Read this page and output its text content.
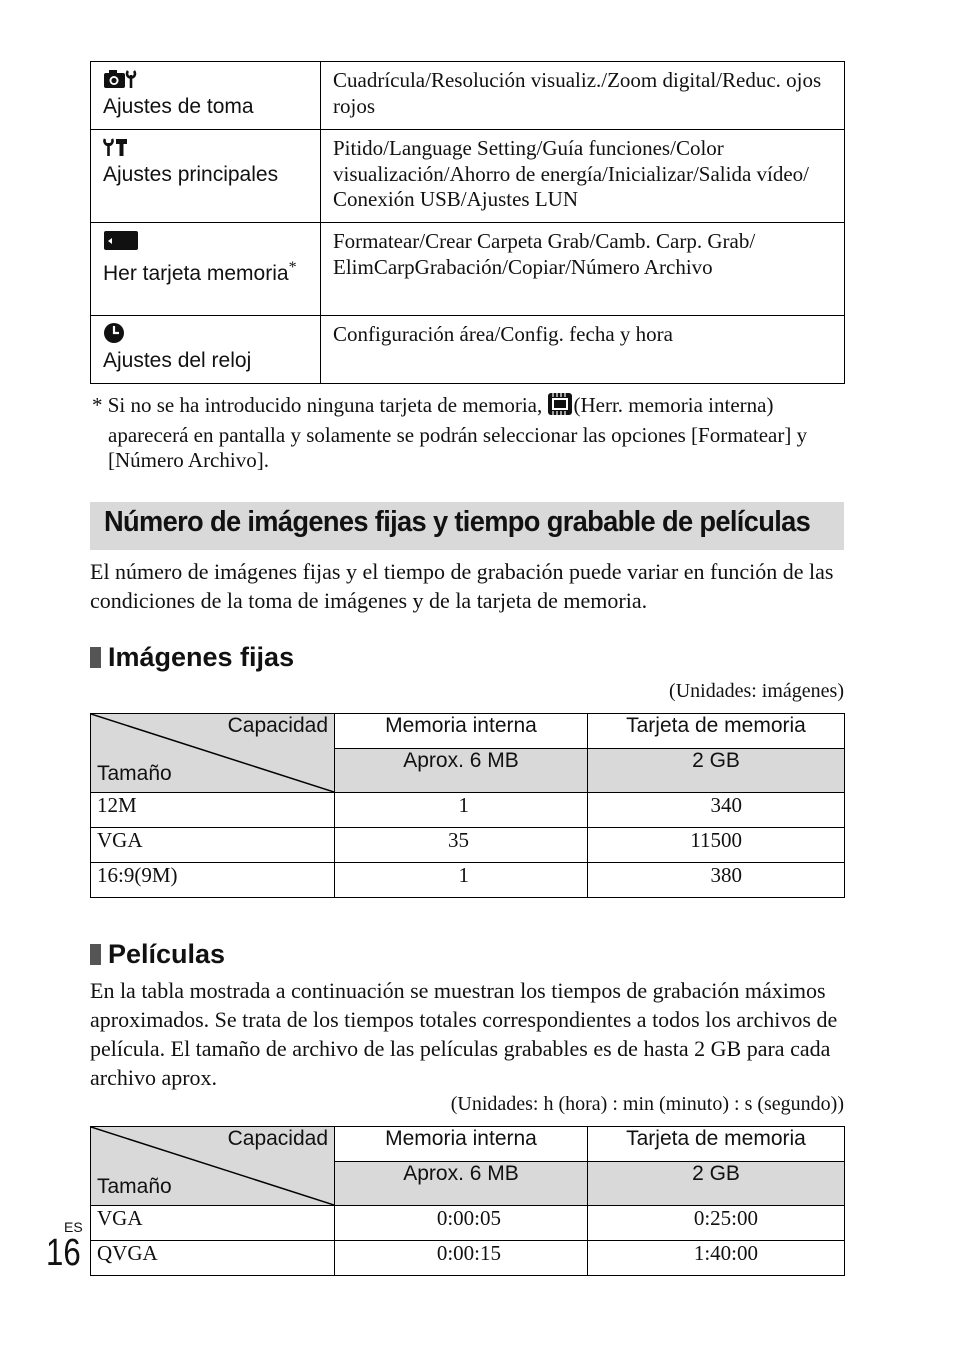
Ajustes de toma	Cuadrícula/Resolución visualiz./Zoom digital/Reduc. ojos rojos

Ajustes principales	Pitido/Language Setting/Guía funciones/Color visualización/Ahorro de energía/Inicializar/Salida vídeo/ Conexión USB/Ajustes LUN

Her tarjeta memoria*	Formatear/Crear Carpeta Grab/Camb. Carp. Grab/ ElimCarpGrabación/Copiar/Número Archivo

Ajustes del reloj	Configuración área/Config. fecha y hora
* Si no se ha introducido ninguna tarjeta de memoria, (Herr. memoria interna)
aparecerá en pantalla y solamente se podrán seleccionar las opciones [Formatear] y [Número Archivo].
Número de imágenes fijas y tiempo grabable de películas
El número de imágenes fijas y el tiempo de grabación puede variar en función de las condiciones de la toma de imágenes y de la tarjeta de memoria.
Imágenes fijas
(Unidades: imágenes)
Capacidad
Tamaño	Memoria interna	Tarjeta de memoria
	Aprox. 6 MB	2 GB
12M	1	340
VGA	35	11500
16:9(9M)	1	380
Películas
En la tabla mostrada a continuación se muestran los tiempos de grabación máximos aproximados. Se trata de los tiempos totales correspondientes a todos los archivos de película. El tamaño de archivo de las películas grabables es de hasta 2 GB para cada archivo aprox.
(Unidades: h (hora) : min (minuto) : s (segundo))
Capacidad
Tamaño	Memoria interna	Tarjeta de memoria
	Aprox. 6 MB	2 GB
VGA	0:00:05	0:25:00
QVGA	0:00:15	1:40:00
ES
16
